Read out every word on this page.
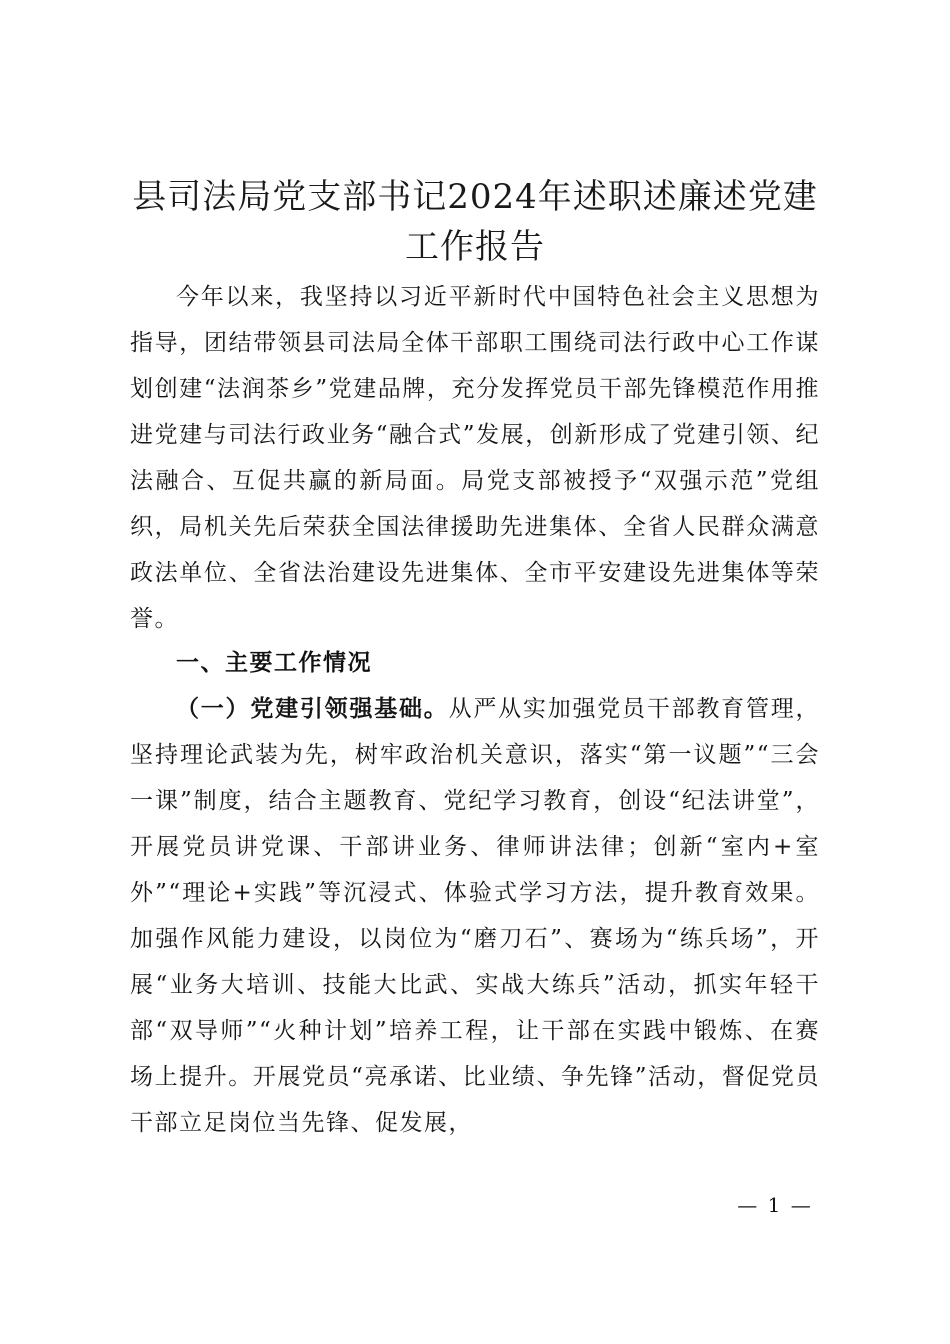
县司法局党支部书记2024年述职述廉述党建
工作报告

今年以来，我坚持以习近平新时代中国特色社会主义思想为指导，团结带领县司法局全体干部职工围绕司法行政中心工作谋划创建“法润茶乡”党建品牌，充分发挥党员干部先锋模范作用推进党建与司法行政业务“融合式”发展，创新形成了党建引领、纪法融合、互促共赢的新局面。局党支部被授予“双强示范”党组织，局机关先后荣获全国法律援助先进集体、全省人民群众满意政法单位、全省法治建设先进集体、全市平安建设先进集体等荣誉。

一、主要工作情况

（一）党建引领强基础。从严从实加强党员干部教育管理，坚持理论武装为先，树牢政治机关意识，落实“第一议题”“三会一课”制度，结合主题教育、党纪学习教育，创设“纪法讲堂”，开展党员讲党课、干部讲业务、律师讲法律；创新“室内+室外”“理论+实践”等沉浸式、体验式学习方法，提升教育效果。加强作风能力建设，以岗位为“磨刀石”、赛场为“练兵场”，开展“业务大培训、技能大比武、实战大练兵”活动，抓实年轻干部“双导师”“火种计划”培养工程，让干部在实践中锻炼、在赛场上提升。开展党员“亮承诺、比业绩、争先锋”活动，督促党员干部立足岗位当先锋、促发展，

— 1 —
